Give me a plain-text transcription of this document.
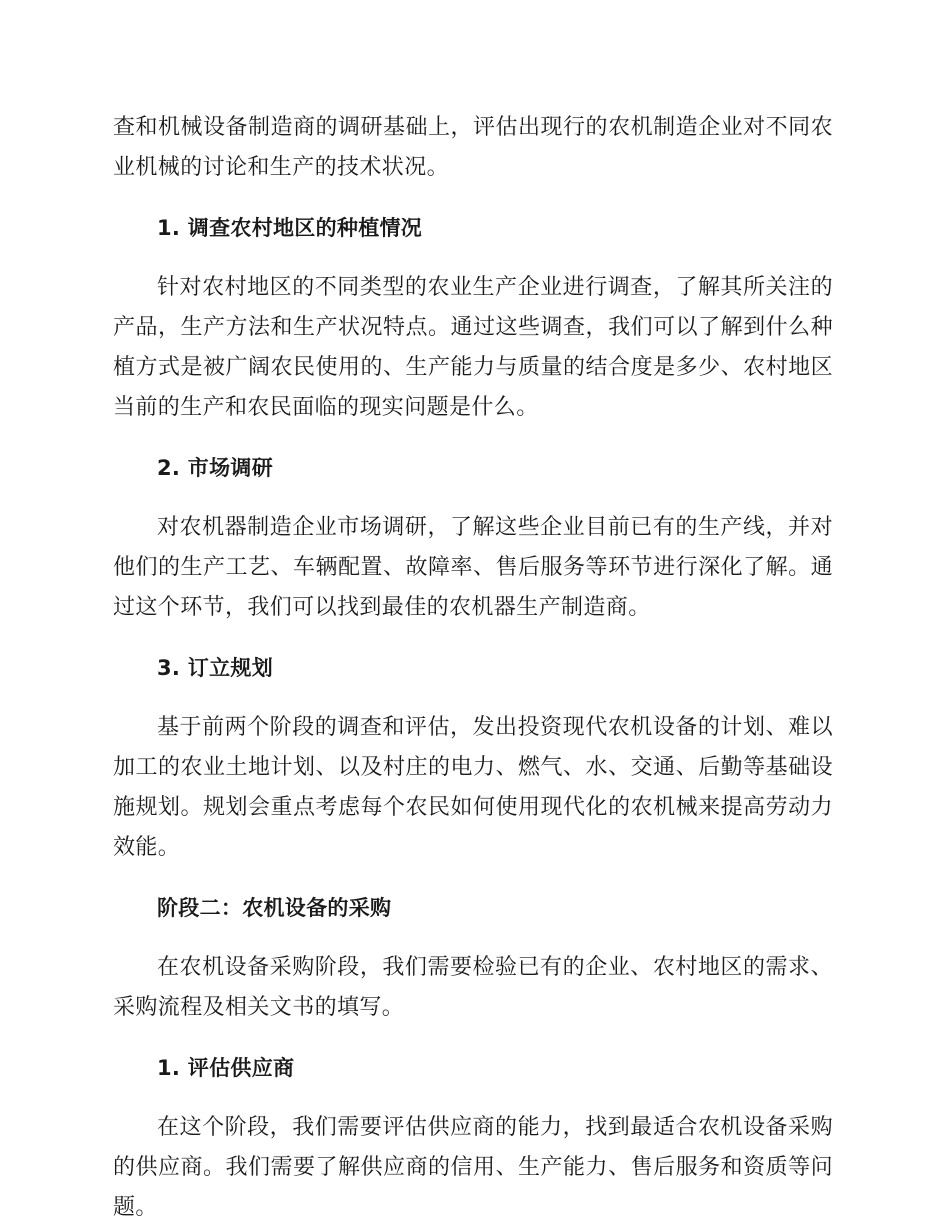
查和机械设备制造商的调研基础上，评估出现行的农机制造企业对不同农业机械的讨论和生产的技术状况。

1. 调查农村地区的种植情况

针对农村地区的不同类型的农业生产企业进行调查，了解其所关注的产品，生产方法和生产状况特点。通过这些调查，我们可以了解到什么种植方式是被广阔农民使用的、生产能力与质量的结合度是多少、农村地区当前的生产和农民面临的现实问题是什么。

2. 市场调研

对农机器制造企业市场调研，了解这些企业目前已有的生产线，并对他们的生产工艺、车辆配置、故障率、售后服务等环节进行深化了解。通过这个环节，我们可以找到最佳的农机器生产制造商。

3. 订立规划

基于前两个阶段的调查和评估，发出投资现代农机设备的计划、难以加工的农业土地计划、以及村庄的电力、燃气、水、交通、后勤等基础设施规划。规划会重点考虑每个农民如何使用现代化的农机械来提高劳动力效能。

阶段二：农机设备的采购

在农机设备采购阶段，我们需要检验已有的企业、农村地区的需求、采购流程及相关文书的填写。

1. 评估供应商

在这个阶段，我们需要评估供应商的能力，找到最适合农机设备采购的供应商。我们需要了解供应商的信用、生产能力、售后服务和资质等问题。
